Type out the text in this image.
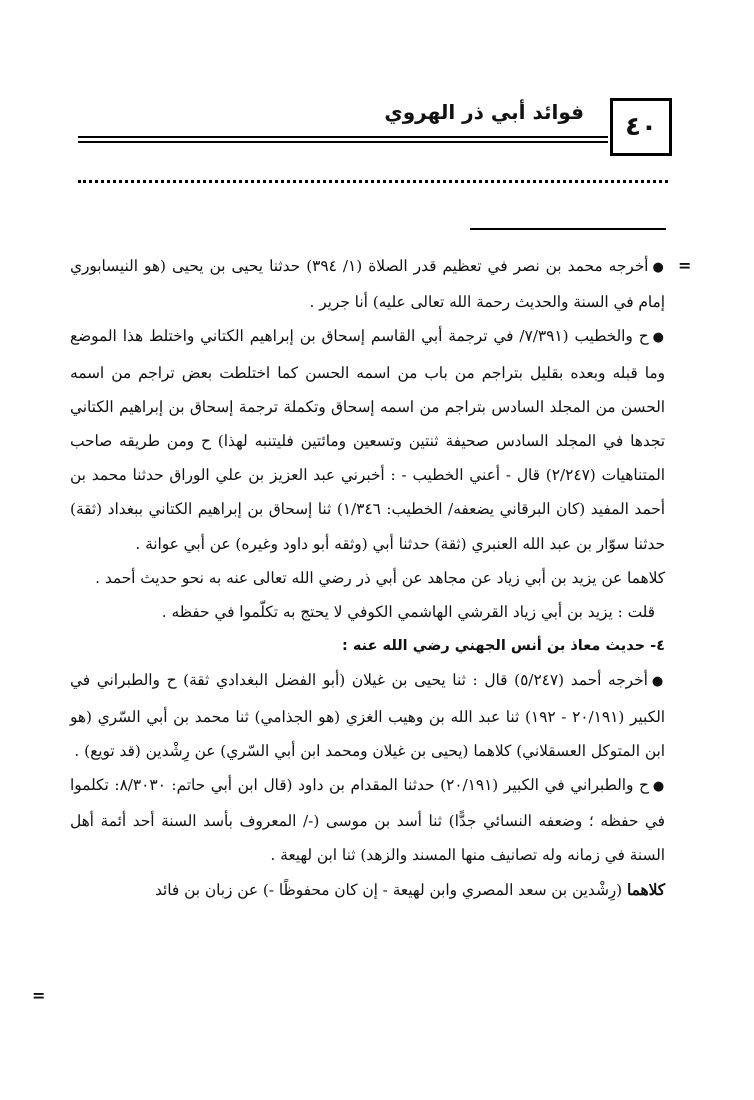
٤٠
فوائد أبي ذر الهروي
=
=

●أخرجه محمد بن نصر في تعظيم قدر الصلاة (١/ ٣٩٤) حدثنا يحيى بن يحيى (هو النيسابوري إمام في السنة والحديث رحمة الله تعالى عليه) أنا جرير .

●ح والخطيب (٧/٣٩١/ في ترجمة أبي القاسم إسحاق بن إبراهيم الكتاني واختلط هذا الموضع وما قبله وبعده بقليل بتراجم من باب من اسمه الحسن كما اختلطت بعض تراجم من اسمه الحسن من المجلد السادس بتراجم من اسمه إسحاق وتكملة ترجمة إسحاق بن إبراهيم الكتاني تجدها في المجلد السادس صحيفة ثنتين وتسعين ومائتين فليتنبه لهذا) ح ومن طريقه صاحب المتناهيات (٢/٢٤٧) قال - أعني الخطيب - : أخبرني عبد العزيز بن علي الوراق حدثنا محمد بن أحمد المفيد (كان البرقاني يضعفه/ الخطيب: ١/٣٤٦) ثنا إسحاق بن إبراهيم الكتاني ببغداد (ثقة) حدثنا سوّار بن عبد الله العنبري (ثقة) حدثنا أبي (وثقه أبو داود وغيره) عن أبي عوانة .

كلاهما عن يزيد بن أبي زياد عن مجاهد عن أبي ذر رضي الله تعالى عنه به نحو حديث أحمد .

قلت : يزيد بن أبي زياد القرشي الهاشمي الكوفي لا يحتج به تكلّموا في حفظه .

٤- حديث معاذ بن أنس الجهني رضي الله عنه :

●أخرجه أحمد (٥/٢٤٧) قال : ثنا يحيى بن غيلان (أبو الفضل البغدادي ثقة) ح والطبراني في الكبير (٢٠/١٩١ - ١٩٢) ثنا عبد الله بن وهيب الغزي (هو الجذامي) ثنا محمد بن أبي السّري (هو ابن المتوكل العسقلاني) كلاهما (يحيى بن غيلان ومحمد ابن أبي السّري) عن رِشْدين (قد تويع) .

●ح والطبراني في الكبير (٢٠/١٩١) حدثنا المقدام بن داود (قال ابن أبي حاتم: ٨/٣٠٣٠: تكلموا في حفظه ؛ وضعفه النسائي جدًّا) ثنا أسد بن موسى (-/ المعروف بأسد السنة أحد أئمة أهل السنة في زمانه وله تصانيف منها المسند والزهد) ثنا ابن لهيعة .

كلاهما (رِشْدين بن سعد المصري وابن لهيعة - إن كان محفوظًا -) عن زبان بن فائد
